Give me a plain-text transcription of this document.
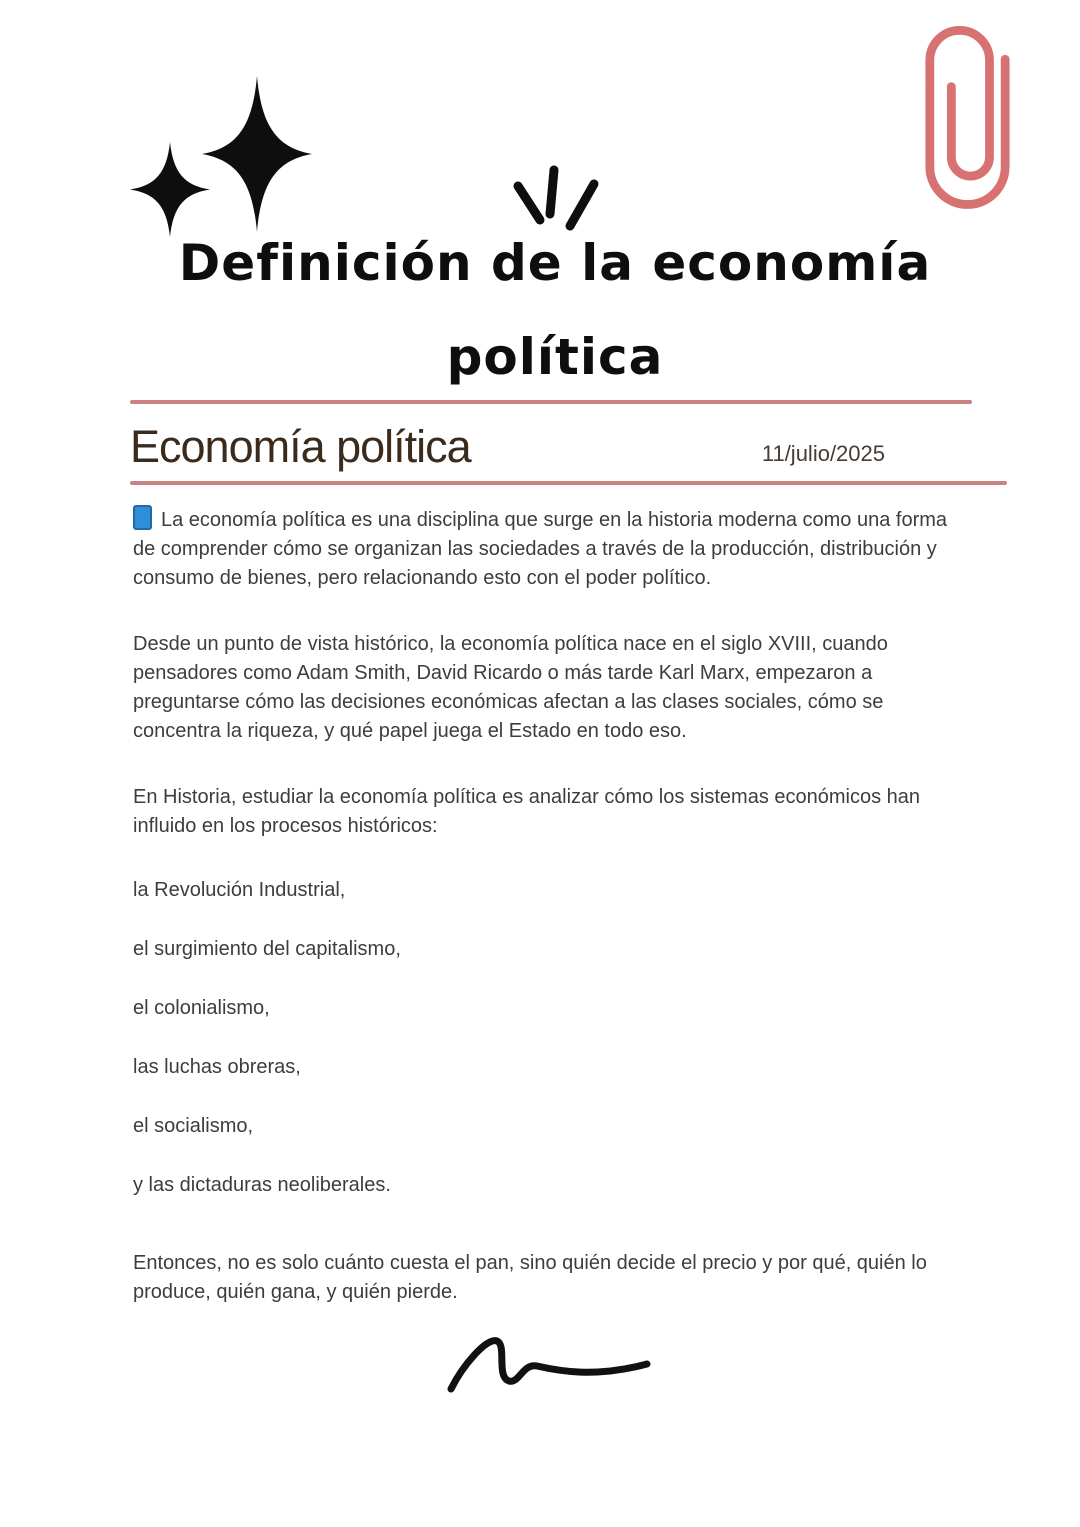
Definición de la economía
política
Economía política	11/julio/2025

La economía política es una disciplina que surge en la historia moderna como una forma de comprender cómo se organizan las sociedades a través de la producción, distribución y consumo de bienes, pero relacionando esto con el poder político.

Desde un punto de vista histórico, la economía política nace en el siglo XVIII, cuando pensadores como Adam Smith, David Ricardo o más tarde Karl Marx, empezaron a preguntarse cómo las decisiones económicas afectan a las clases sociales, cómo se concentra la riqueza, y qué papel juega el Estado en todo eso.

En Historia, estudiar la economía política es analizar cómo los sistemas económicos han influido en los procesos históricos:

la Revolución Industrial,
el surgimiento del capitalismo,
el colonialismo,
las luchas obreras,
el socialismo,
y las dictaduras neoliberales.

Entonces, no es solo cuánto cuesta el pan, sino quién decide el precio y por qué, quién lo produce, quién gana, y quién pierde.
